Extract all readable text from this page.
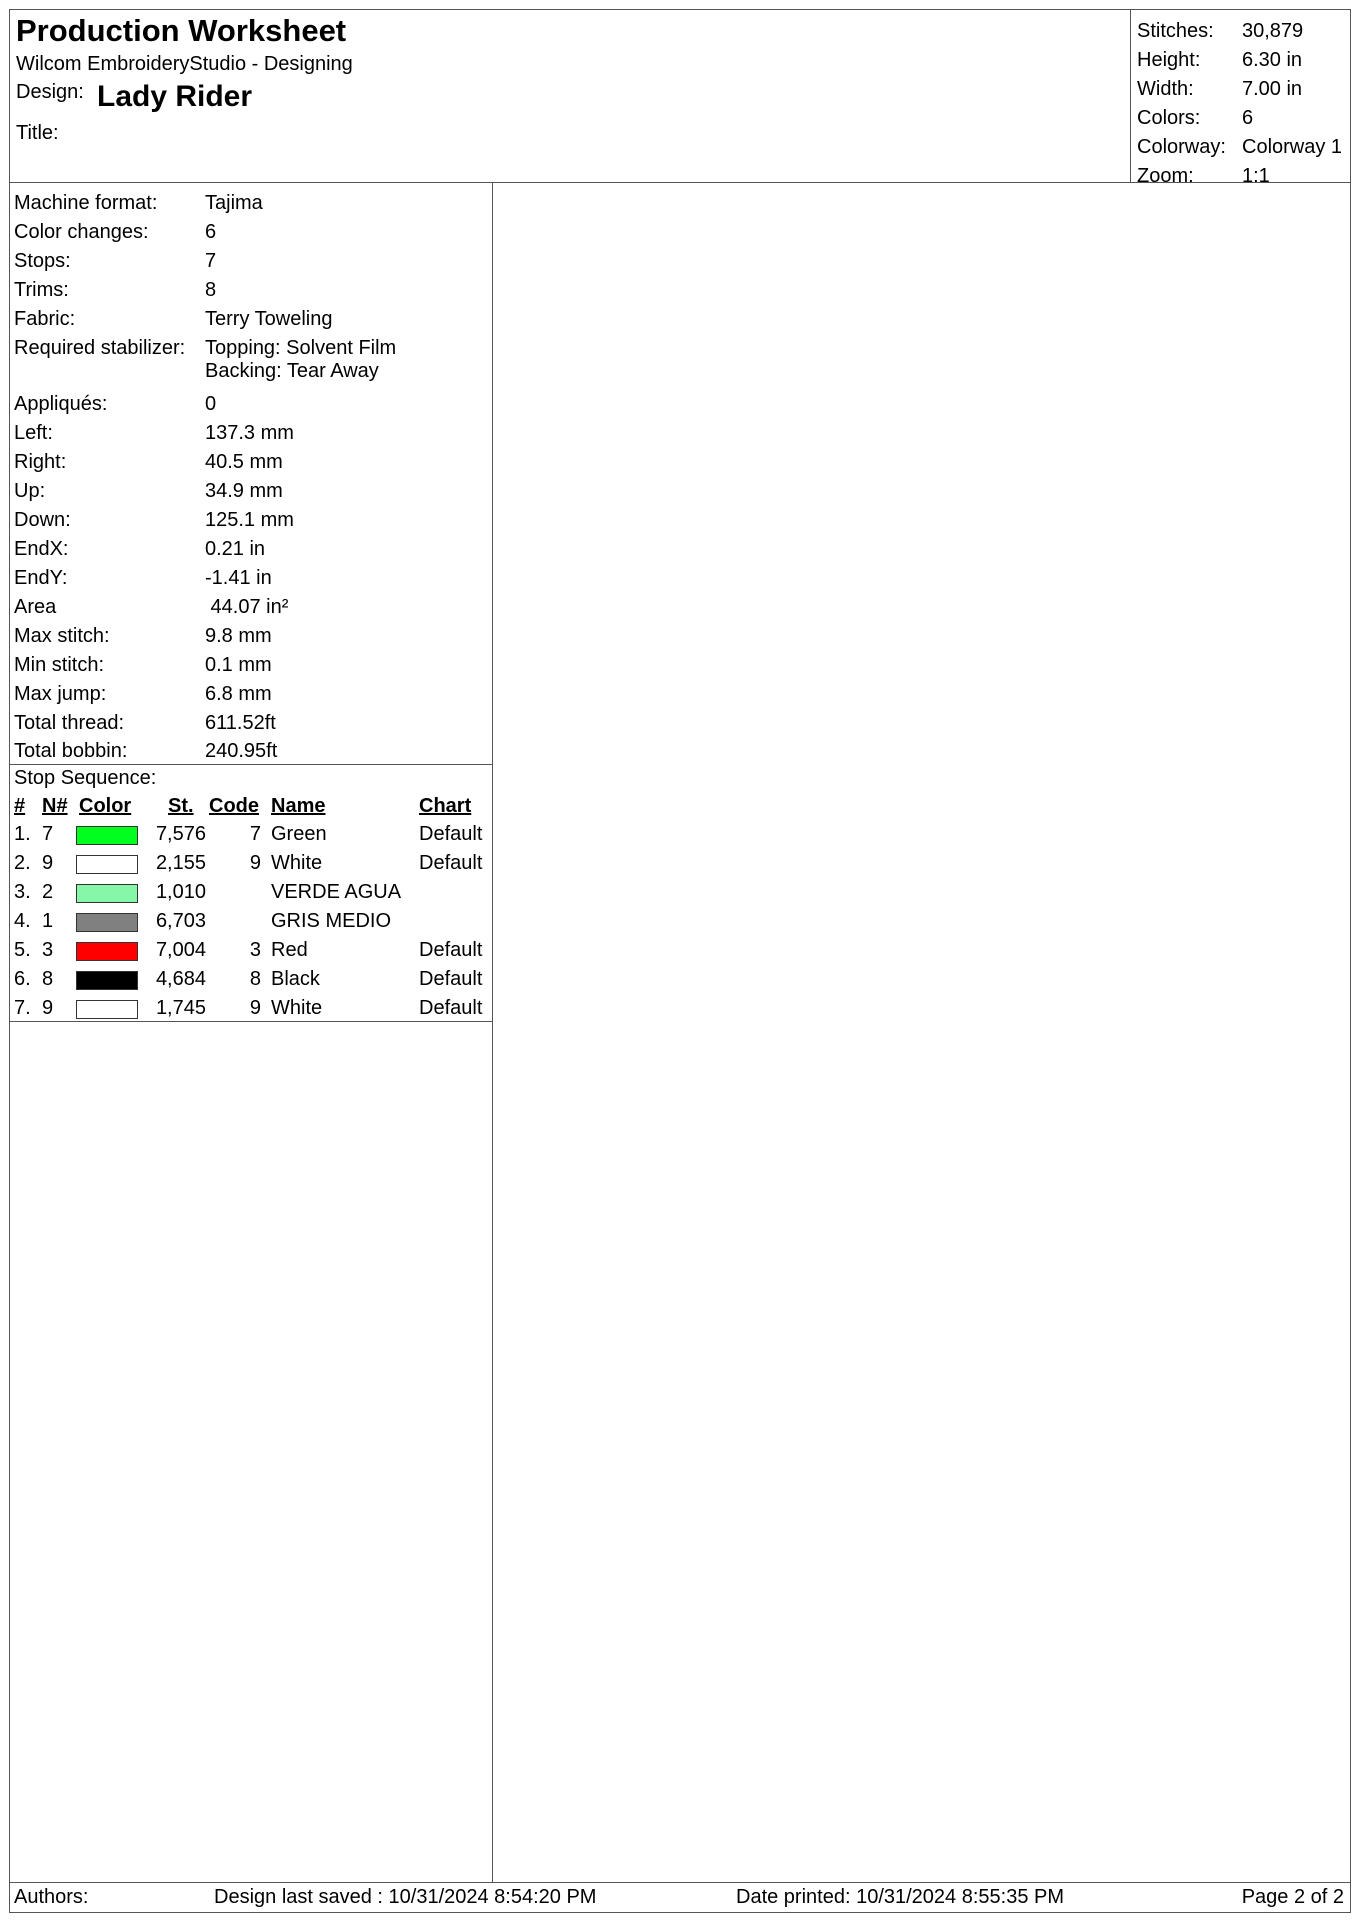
Production Worksheet
Wilcom EmbroideryStudio - Designing
Design: Lady Rider
Title:
Stitches: 30,879
Height: 6.30 in
Width: 7.00 in
Colors: 6
Colorway: Colorway 1
Zoom: 1:1
Machine format: Tajima
Color changes:	6
Stops:	7
Trims:	8
Fabric:	Terry Toweling
Required stabilizer: Topping: Solvent Film
Backing: Tear Away
Appliqués:	0
Left:	137.3 mm
Right:	40.5 mm
Up:	34.9 mm
Down:	125.1 mm
EndX:	0.21 in
EndY:	-1.41 in
Area	44.07 in²
Max stitch:	9.8 mm
Min stitch:	0.1 mm
Max jump:	6.8 mm
Total thread:	611.52ft
Total bobbin:	240.95ft
Stop Sequence:
# N# Color St. Code Name	Chart
1. 7	7,576 7 Green	Default
2. 9	2,155 9 White	Default
3. 2	1,010	VERDE AGUA
4. 1	6,703	GRIS MEDIO
5. 3	7,004 3 Red	Default
6. 8	4,684 8 Black	Default
7. 9	1,745 9 White	Default
Authors:	Design last saved : 10/31/2024 8:54:20 PM	Date printed: 10/31/2024 8:55:35 PM	Page 2 of 2
